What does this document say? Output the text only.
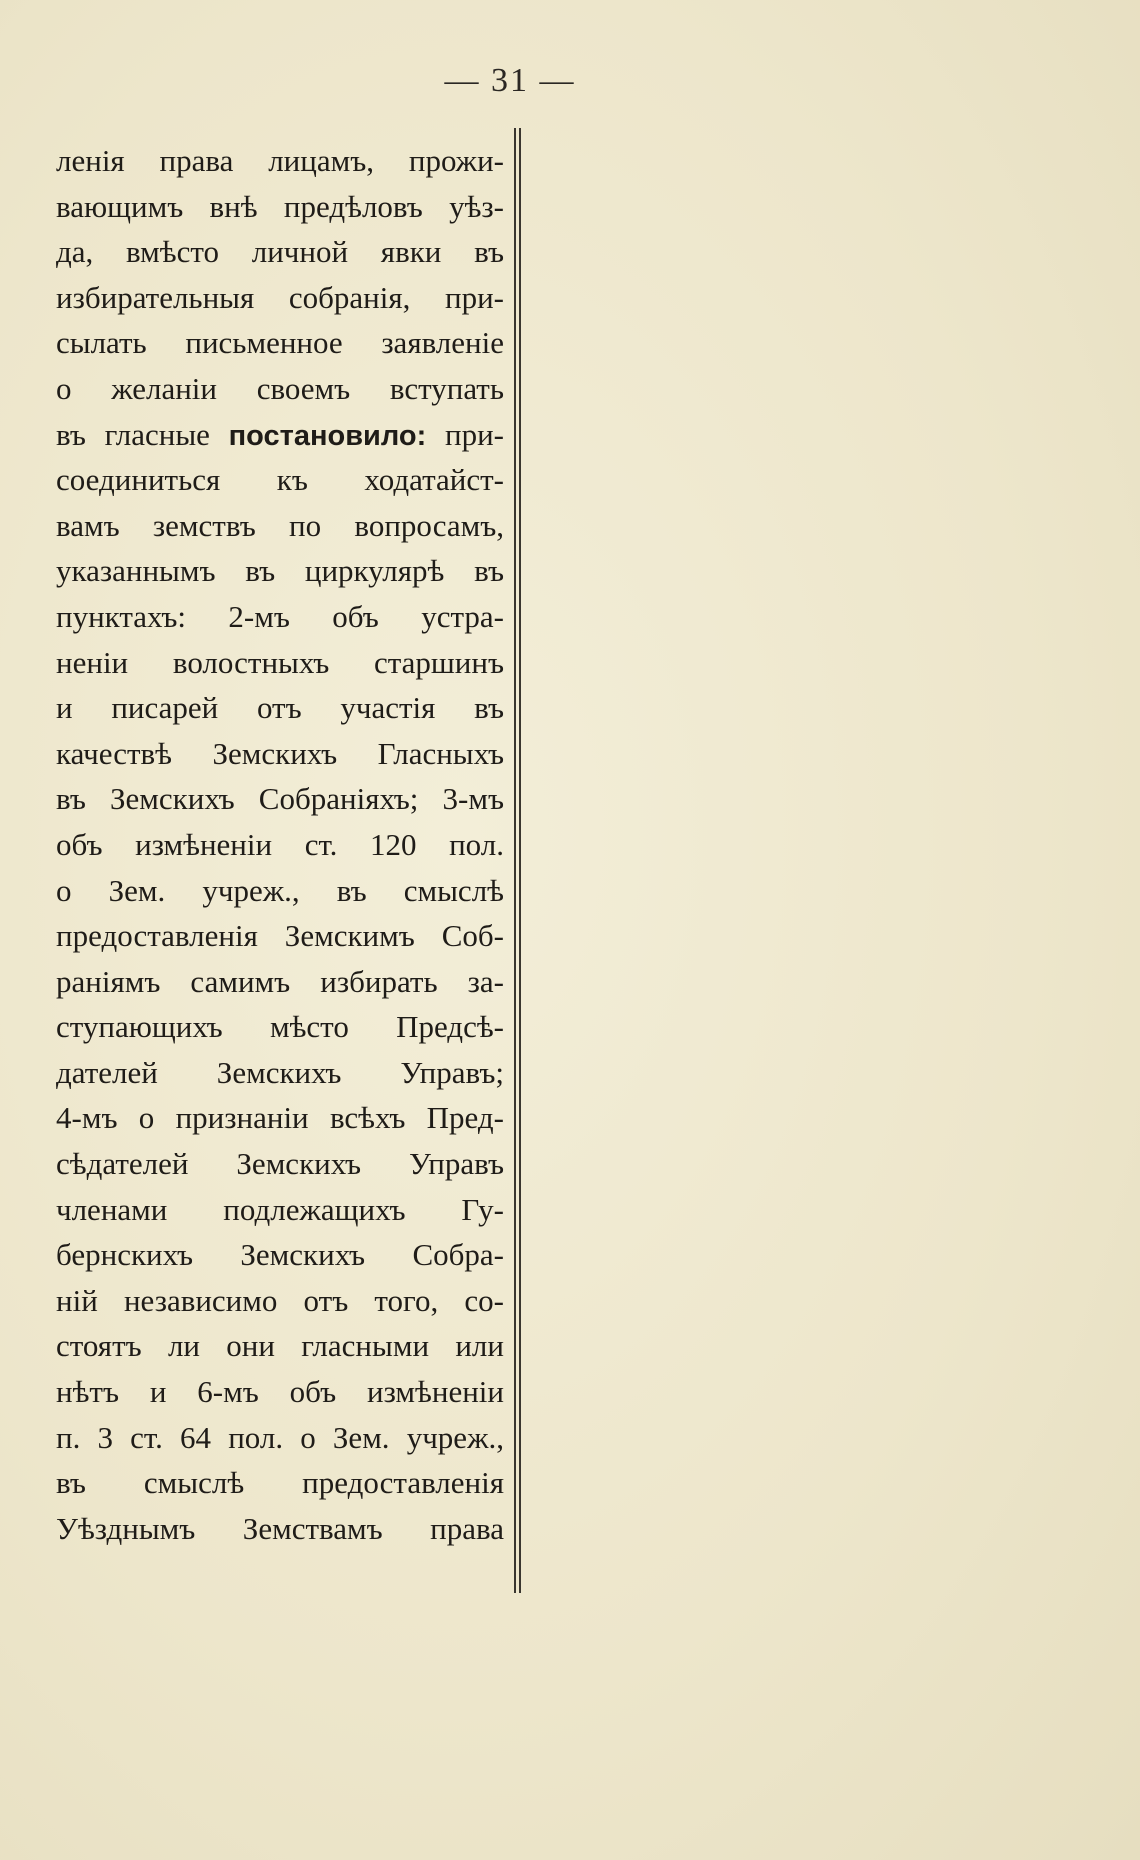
— 31 —

ленія права лицамъ, прожи-
вающимъ внѣ предѣловъ уѣз-
да, вмѣсто личной явки въ
избирательныя собранія, при-
сылать письменное заявленіе
о желаніи своемъ вступать
въ гласные постановило: при-
соединиться къ ходатайст-
вамъ земствъ по вопросамъ,
указаннымъ въ циркулярѣ въ
пунктахъ: 2-мъ объ устра-
неніи волостныхъ старшинъ
и писарей отъ участія въ
качествѣ Земскихъ Гласныхъ
въ Земскихъ Собраніяхъ; 3-мъ
объ измѣненіи ст. 120 пол.
о Зем. учреж., въ смыслѣ
предоставленія Земскимъ Соб-
раніямъ самимъ избирать за-
ступающихъ мѣсто Предсѣ-
дателей Земскихъ Управъ;
4-мъ о признаніи всѣхъ Пред-
сѣдателей Земскихъ Управъ
членами подлежащихъ Гу-
бернскихъ Земскихъ Собра-
ній независимо отъ того, со-
стоятъ ли они гласными или
нѣтъ и 6-мъ объ измѣненіи
п. 3 ст. 64 пол. о Зем. учреж.,
въ смыслѣ предоставленія
Уѣзднымъ Земствамъ права
